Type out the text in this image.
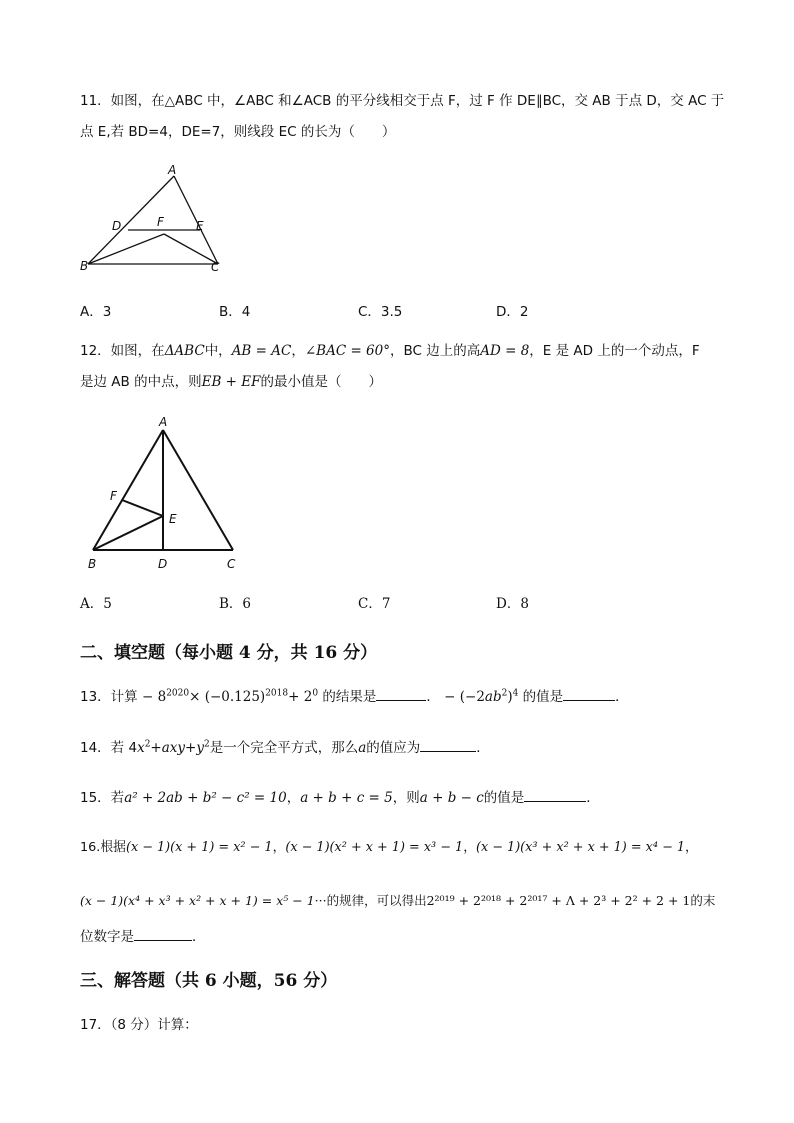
11．如图，在△ABC 中，∠ABC 和∠ACB 的平分线相交于点 F，过 F 作 DE∥BC，交 AB 于点 D，交 AC 于
点 E,若 BD=4，DE=7，则线段 EC 的长为（　　）
A
D	F	E
B	C
A．3	B．4	C．3.5	D．2
12．如图，在ΔABC中，AB = AC，∠BAC = 60°，BC 边上的高AD = 8，E 是 AD 上的一个动点，F
是边 AB 的中点，则EB + EF的最小值是（　　）
A
F
E
B	D	C
A．5	B．6	C．7	D．8
二、填空题（每小题 4 分，共 16 分）
13．计算 − $8^{2020}\times (-0.125)^{2018}+ 2^0$ 的结果是	． − $(-2ab^2)^4$ 的值是	．
14．若 $4x^2+axy+y^2$是一个完全平方式，那么a的值应为	．
15．若a² + 2ab + b² − c² = 10，a + b + c = 5，则a + b − c的值是	．
16.根据(x − 1)(x + 1) = x² − 1，(x − 1)(x² + x + 1) = x³ − 1，(x − 1)(x³ + x² + x + 1) = x⁴ − 1，
(x − 1)(x⁴ + x³ + x² + x + 1) = x⁵ − 1···的规律，可以得出2²⁰¹⁹ + 2²⁰¹⁸ + 2²⁰¹⁷ + Λ + 2³ + 2² + 2 + 1的末
位数字是	．
三、解答题（共 6 小题，56 分）
17．（8 分）计算：
